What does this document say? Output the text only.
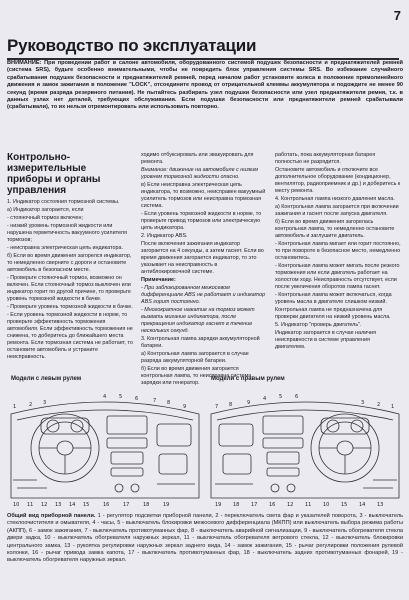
7
Руководство по эксплуатации
ВНИМАНИЕ: При проведении работ в салоне автомобиля, оборудованного системой подушек безопасности и преднатяжителей ремней (система SRS), будьте особенно внимательными, чтобы не повредить блок управления системы SRS. Во избежание случайного срабатывания подушек безопасности и преднатяжителей ремней, перед началом работ установите колеса в положение прямолинейного движения и замок зажигания в положение "LOCK", отсоедините провод от отрицательной клеммы аккумулятора и подождите не менее 90 секунд (время разряда резервного питания). Не пытайтесь разбирать узел подушки безопасности или узел преднатяжителя ремня, т.к. в данных узлах нет деталей, требующих обслуживания. Если подушки безопасности или преднатяжители ремней срабатывали (срабатывали), то их нельзя отремонтировать или использовать повторно.
Контрольно-измерительные приборы и органы управления

1. Индикатор состояния тормозной системы.

а) Индикатор загорается, если

- стояночный тормоз включен;

- низкий уровень тормозной жидкости или нарушена герметичность вакуумного усилителя тормозов;

- неисправна электрическая цепь индикатора.

б) Если во время движения загорелся индикатор, то немедленно сверните с дороги и остановите автомобиль в безопасном месте.

- Проверьте стояночный тормоз, возможно он включен. Если стояночный тормоз выключен или индикатор горит по другой причине, то проверьте уровень тормозной жидкости в бачке.

- Проверьте уровень тормозной жидкости в бачке.

- Если уровень тормозной жидкости в норме, то проверьте эффективность торможения автомобиля. Если эффективность торможения не снижена, то доберитесь до ближайшего места ремонта. Если тормозная система не работает, то остановите автомобиль и устраните неисправность.

ходимо отбуксировать или эвакуировать для ремонта.

Внимание: движение на автомобиле с низким уровнем тормозной жидкости опасно.

в) Если неисправна электрическая цепь индикатора, то возможно, неисправен вакуумный усилитель тормозов или неисправна тормозная система.

- Если уровень тормозной жидкости в норме, то проверьте привод тормозов или электрическую цепь индикатора.

2. Индикатор ABS.

После включения зажигания индикатор загорается на 4 секунды, а затем гаснет. Если во время движения загорается индикатор, то это указывает на неисправность в антиблокировочной системе.

Примечание:

- При заблокированном межосевом дифференциале ABS не работает и индикатор ABS горит постоянно.

- Многократное нажатие на тормоз может вызвать мигание индикатора, после прекращения индикатор гаснет в течение нескольких секунд.

3. Контрольная лампа зарядки аккумуляторной батареи.

а) Контрольная лампа загорается в случае разряда аккумуляторной батареи.

б) Если во время движения загорается контрольная лампа, то неисправна система зарядки или генератор.

работать, пока аккумуляторная батарея полностью не разрядится.

Остановите автомобиль и отключите все дополнительное оборудование (кондиционер, вентилятор, радиоприемник и др.) и доберитесь к месту ремонта.

4. Контрольная лампа низкого давления масла.

а) Контрольная лампа загорается при включении зажигания и гаснет после запуска двигателя.

б) Если во время движения загорелась контрольная лампа, то немедленно остановите автомобиль и заглушите двигатель.

- Контрольная лампа мигает или горит постоянно, то при повороте в безопасное место, немедленно остановитесь.

- Контрольная лампа может мигать после резкого торможения или если двигатель работает на холостом ходу. Неисправность отсутствует, если после увеличения оборотов лампа гаснет.

- Контрольная лампа может включаться, когда уровень масла в двигателе слишком низкий.

Контрольная лампа не предназначена для проверки двигателя на низкий уровень масла.

5. Индикатор "проверь двигатель".

Индикатор загорается в случае наличия неисправности в системе управления двигателем.

Модели с левым рулем
1	2 3
4	5	6	7 8
9
10 11 12 13 14 15	16	17	18	19
Модели с правым рулем
7 8	9
4	5	6
3	2 1
19 18 17 16 12 11 10 15 14 13
Общий вид приборной панели. 1 - регулятор подсветки приборной панели, 2 - переключатель света фар и указателей поворота, 3 - выключатель стеклоочистителя и омывателя, 4 - часы, 5 - выключатель блокировки межосевого дифференциала (МКПП) или выключатель выбора режима работы (АКПП), 6 - замок зажигания, 7 - выключатель противотуманных фар, 8 - выключатель аварийной сигнализации, 9 - выключатель обогревателя стекла двери задка, 10 - выключатель обогревателя наружных зеркал, 11 - выключатель обогревателя ветрового стекла, 12 - выключатель блокировки центрального замка, 13 - рукоятка регулировки наружных зеркал заднего вида, 14 - замок зажигания, 15 - рычаг регулировки положения рулевой колонки, 16 - рычаг привода замка капота, 17 - выключатель противотуманных фар, 18 - выключатель задних противотуманных фонарей, 19 - выключатель обогревателя наружных зеркал.
